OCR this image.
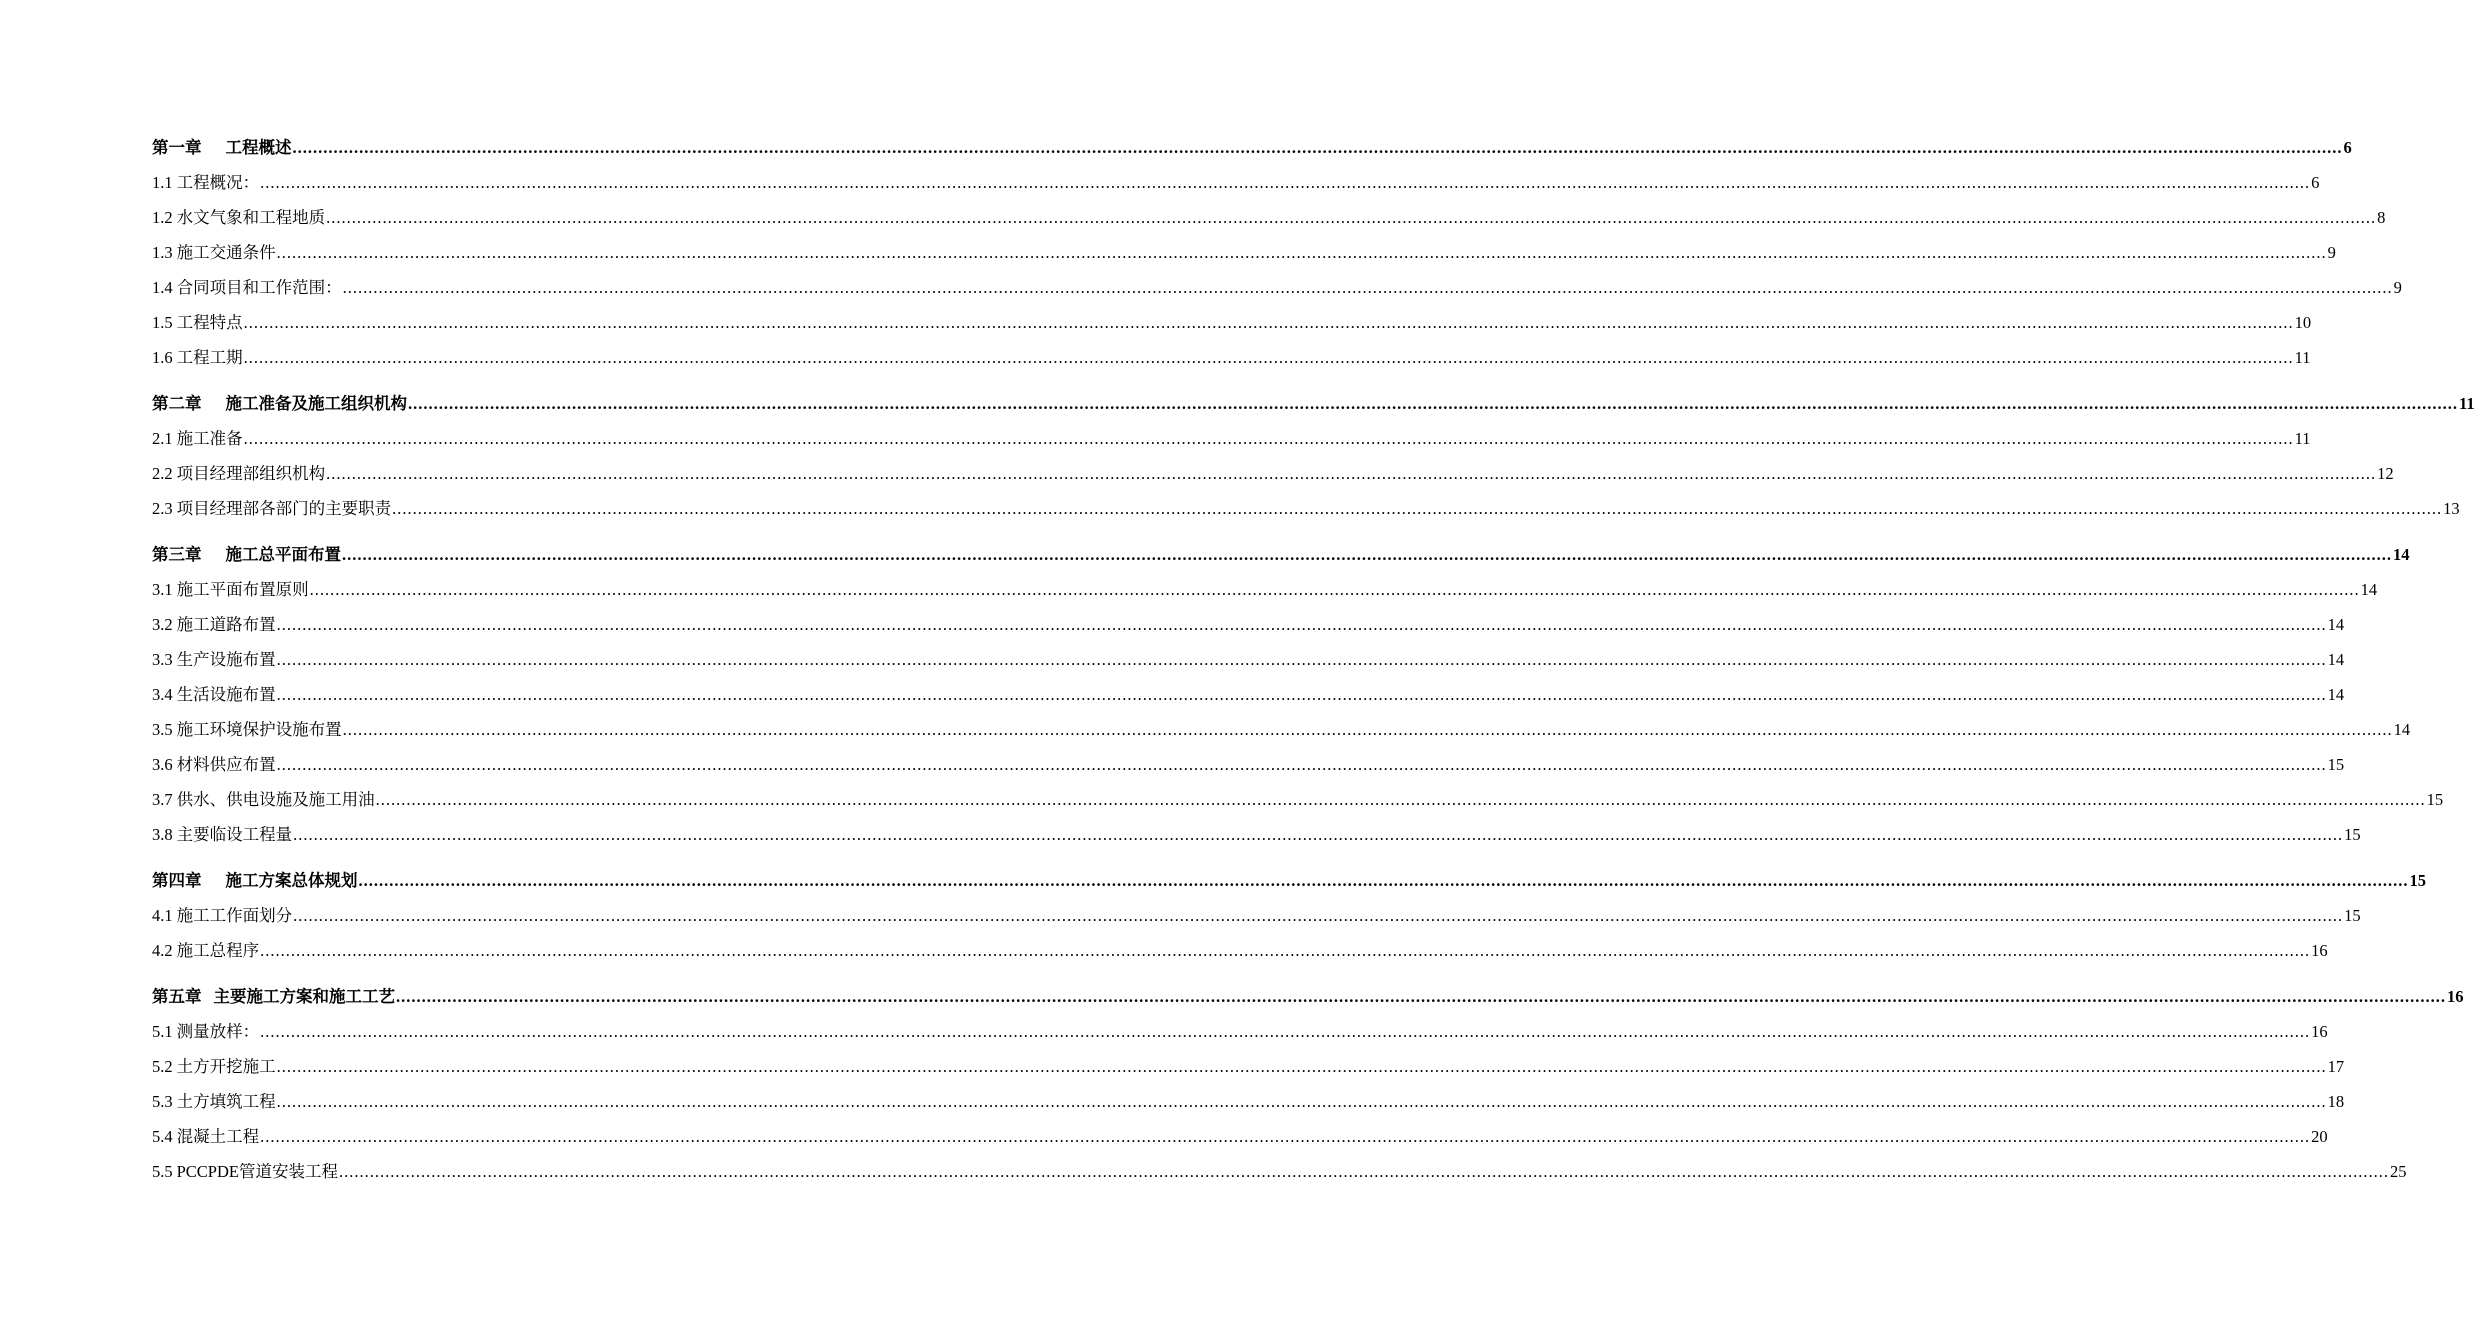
第一章 工程概述 ................................................................................................................................................................................................................................................................................................................................................................................................................ 6
1.1 工程概况： ................................................................................................................................................................................................................................................................................................................................................................................................................ 6
1.2 水文气象和工程地质 ................................................................................................................................................................................................................................................................................................................................................................................................................ 8
1.3 施工交通条件 ................................................................................................................................................................................................................................................................................................................................................................................................................ 9
1.4 合同项目和工作范围： ................................................................................................................................................................................................................................................................................................................................................................................................................ 9
1.5 工程特点 ................................................................................................................................................................................................................................................................................................................................................................................................................ 10
1.6 工程工期 ................................................................................................................................................................................................................................................................................................................................................................................................................ 11
第二章 施工准备及施工组织机构 ................................................................................................................................................................................................................................................................................................................................................................................................................ 11
2.1 施工准备 ................................................................................................................................................................................................................................................................................................................................................................................................................ 11
2.2 项目经理部组织机构 ................................................................................................................................................................................................................................................................................................................................................................................................................ 12
2.3 项目经理部各部门的主要职责 ................................................................................................................................................................................................................................................................................................................................................................................................................ 13
第三章 施工总平面布置 ................................................................................................................................................................................................................................................................................................................................................................................................................ 14
3.1 施工平面布置原则 ................................................................................................................................................................................................................................................................................................................................................................................................................ 14
3.2 施工道路布置 ................................................................................................................................................................................................................................................................................................................................................................................................................ 14
3.3 生产设施布置 ................................................................................................................................................................................................................................................................................................................................................................................................................ 14
3.4 生活设施布置 ................................................................................................................................................................................................................................................................................................................................................................................................................ 14
3.5 施工环境保护设施布置 ................................................................................................................................................................................................................................................................................................................................................................................................................ 14
3.6 材料供应布置 ................................................................................................................................................................................................................................................................................................................................................................................................................ 15
3.7 供水、供电设施及施工用油 ................................................................................................................................................................................................................................................................................................................................................................................................................ 15
3.8 主要临设工程量 ................................................................................................................................................................................................................................................................................................................................................................................................................ 15
第四章 施工方案总体规划 ................................................................................................................................................................................................................................................................................................................................................................................................................ 15
4.1 施工工作面划分 ................................................................................................................................................................................................................................................................................................................................................................................................................ 15
4.2 施工总程序 ................................................................................................................................................................................................................................................................................................................................................................................................................ 16
第五章 主要施工方案和施工工艺 ................................................................................................................................................................................................................................................................................................................................................................................................................ 16
5.1 测量放样： ................................................................................................................................................................................................................................................................................................................................................................................................................ 16
5.2 土方开挖施工 ................................................................................................................................................................................................................................................................................................................................................................................................................ 17
5.3 土方填筑工程 ................................................................................................................................................................................................................................................................................................................................................................................................................ 18
5.4 混凝土工程 ................................................................................................................................................................................................................................................................................................................................................................................................................ 20
5.5 PCCPDE管道安装工程 ................................................................................................................................................................................................................................................................................................................................................................................................................ 25
